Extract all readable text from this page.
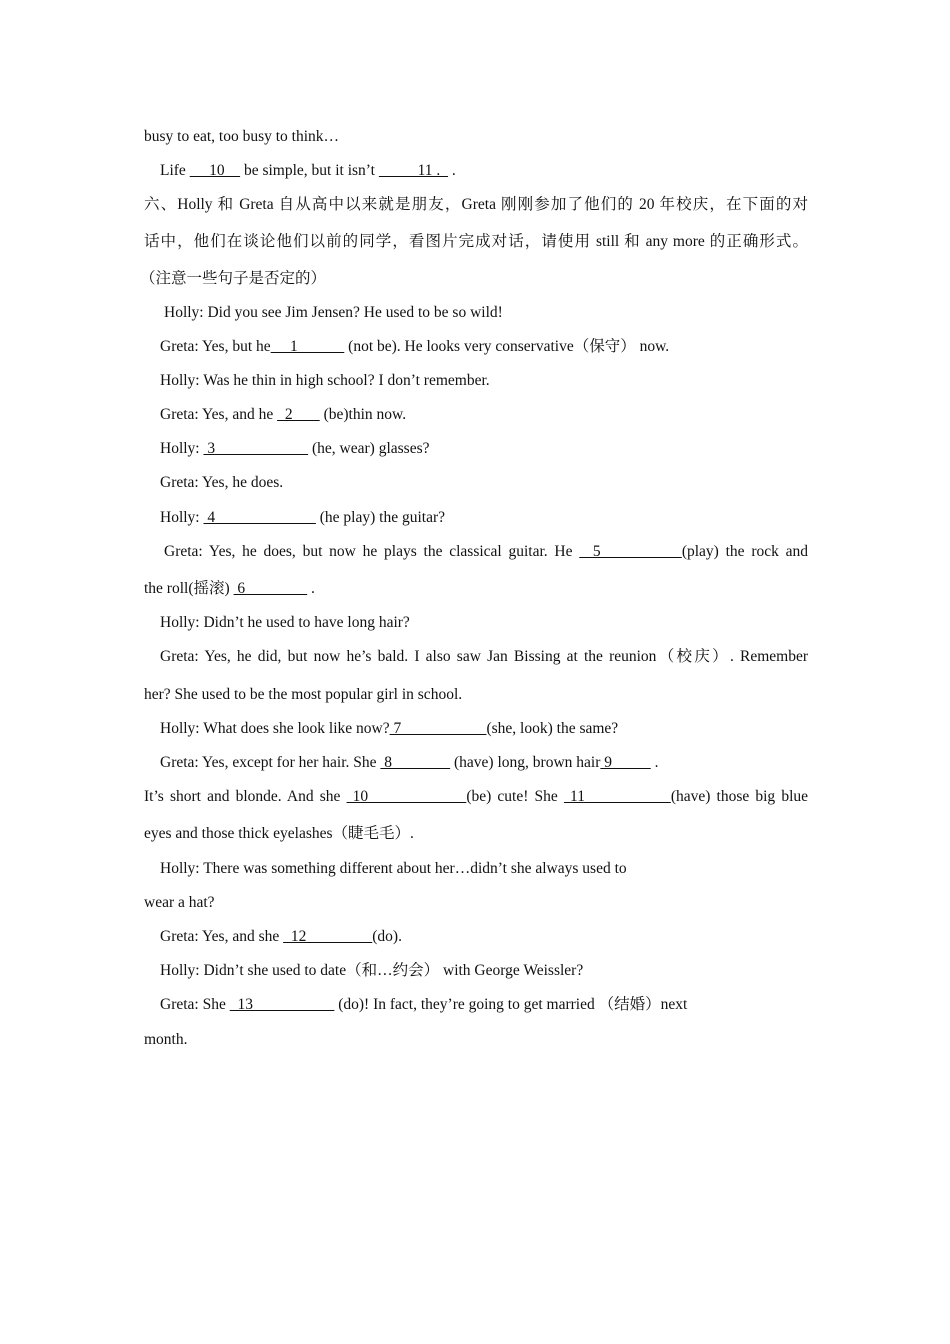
busy to eat, too busy to think…
Life      10     be simple, but it isn’t           11 .   .
六、Holly 和 Greta 自从高中以来就是朋友，Greta 刚刚参加了他们的 20 年校庆，在下面的对
话中，他们在谈论他们以前的同学，看图片完成对话，请使用 still 和 any more 的正确形式。
（注意一些句子是否定的）
Holly: Did you see Jim Jensen? He used to be so wild!
Greta: Yes, but he     1             (not be). He looks very conservative（保守） now.
Holly: Was he thin in high school? I don’t remember.
Greta: Yes, and he   2        (be)thin now.
Holly:  3                         (he, wear) glasses?
Greta: Yes, he does.
Holly:  4                           (he play) the guitar?
Greta: Yes, he does, but now he plays the classical guitar. He   5            (play) the rock and
the roll(摇滚)  6                 .
Holly: Didn’t he used to have long hair?
Greta: Yes, he did, but now he’s bald. I also saw Jan Bissing at the reunion（校庆）. Remember
her? She used to be the most popular girl in school.
Holly: What does she look like now? 7                      (she, look) the same?
Greta: Yes, except for her hair. She  8                (have) long, brown hair 9           .
It’s short and blonde. And she  10                (be) cute! She  11              (have) those big blue
eyes and those thick eyelashes（睫毛毛）.
Holly: There was something different about her…didn’t she always used to
wear a hat?
Greta: Yes, and she   12                 (do).
Holly: Didn’t she used to date（和…约会） with George Weissler?
Greta: She   13                      (do)! In fact, they’re going to get married （结婚）next
month.
